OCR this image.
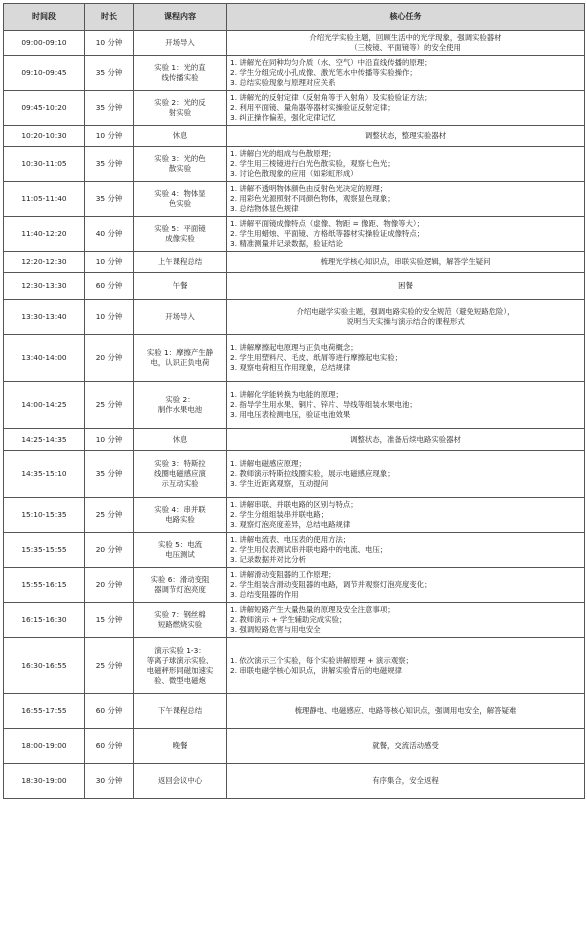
时间段	时长	课程内容	核心任务
09:00-09:10	10 分钟	开场导入	介绍光学实验主题，回顾生活中的光学现象，强调实验器材
（三棱镜、平面镜等）的安全使用

09:10-09:45	35 分钟	实验 1：光的直
线传播实验	1. 讲解光在同种均匀介质（水、空气）中沿直线传播的原理；
2. 学生分组完成小孔成像、激光笔水中传播等实验操作；
3. 总结实验现象与原理对应关系

09:45-10:20	35 分钟	实验 2：光的反
射实验	1. 讲解光的反射定律（反射角等于入射角）及实验验证方法；
2. 利用平面镜、量角器等器材实操验证反射定律；
3. 纠正操作偏差，强化定律记忆

10:20-10:30	10 分钟	休息	调整状态，整理实验器材

10:30-11:05	35 分钟	实验 3：光的色
散实验	1. 讲解白光的组成与色散原理；
2. 学生用三棱镜进行白光色散实验，观察七色光；
3. 讨论色散现象的应用（如彩虹形成）

11:05-11:40	35 分钟	实验 4：物体显
色实验	1. 讲解不透明物体颜色由反射色光决定的原理；
2. 用彩色光源照射不同颜色物体，观察显色现象；
3. 总结物体显色规律

11:40-12:20	40 分钟	实验 5：平面镜
成像实验	1. 讲解平面镜成像特点（虚像、物距 = 像距、物像等大）；
2. 学生用蜡烛、平面镜、方格纸等器材实操验证成像特点；
3. 精准测量并记录数据，验证结论

12:20-12:30	10 分钟	上午课程总结	梳理光学核心知识点，串联实验逻辑，解答学生疑问

12:30-13:30	60 分钟	午餐	困餐

13:30-13:40	10 分钟	开场导入	介绍电磁学实验主题，强调电路实验的安全规范（避免短路危险），
说明当天实操与演示结合的课程形式

13:40-14:00	20 分钟	实验 1：摩擦产生静
电，认识正负电荷	1. 讲解摩擦起电原理与正负电荷概念；
2. 学生用塑料尺、毛皮、纸屑等进行摩擦起电实验；
3. 观察电荷相互作用现象，总结规律

14:00-14:25	25 分钟	实验 2：
制作水果电池	1. 讲解化学能转换为电能的原理；
2. 指导学生用水果、铜片、锌片、导线等组装水果电池；
3. 用电压表检测电压，验证电池效果

14:25-14:35	10 分钟	休息	调整状态，准备后续电路实验器材

14:35-15:10	35 分钟	实验 3：特斯拉
线圈电磁感应演
示互动实验	1. 讲解电磁感应原理；
2. 教师演示特斯拉线圈实验，展示电磁感应现象；
3. 学生近距离观察，互动提问

15:10-15:35	25 分钟	实验 4：串并联
电路实验	1. 讲解串联、并联电路的区别与特点；
2. 学生分组组装串并联电路；
3. 观察灯泡亮度差异，总结电路规律

15:35-15:55	20 分钟	实验 5：电流
电压测试	1. 讲解电流表、电压表的使用方法；
2. 学生用仪表测试串并联电路中的电流、电压；
3. 记录数据并对比分析

15:55-16:15	20 分钟	实验 6：滑动变阻
器调节灯泡亮度	1. 讲解滑动变阻器的工作原理；
2. 学生组装含滑动变阻器的电路，调节并观察灯泡亮度变化；
3. 总结变阻器的作用

16:15-16:30	15 分钟	实验 7：钢丝棉
短路燃烧实验	1. 讲解短路产生大量热量的原理及安全注意事项；
2. 教师演示 + 学生辅助完成实验；
3. 强调短路危害与用电安全

16:30-16:55	25 分钟	演示实验 1-3：
等离子球演示实验、
电磁秤形同磁加速实
验、微型电磁炮	1. 依次演示三个实验，每个实验讲解原理 + 演示观察；
2. 串联电磁学核心知识点，讲解实验背后的电磁规律

16:55-17:55	60 分钟	下午课程总结	梳理静电、电磁感应、电路等核心知识点，强调用电安全，解答疑难

18:00-19:00	60 分钟	晚餐	就餐，交流活动感受

18:30-19:00	30 分钟	返回会议中心	有序集合，安全返程
